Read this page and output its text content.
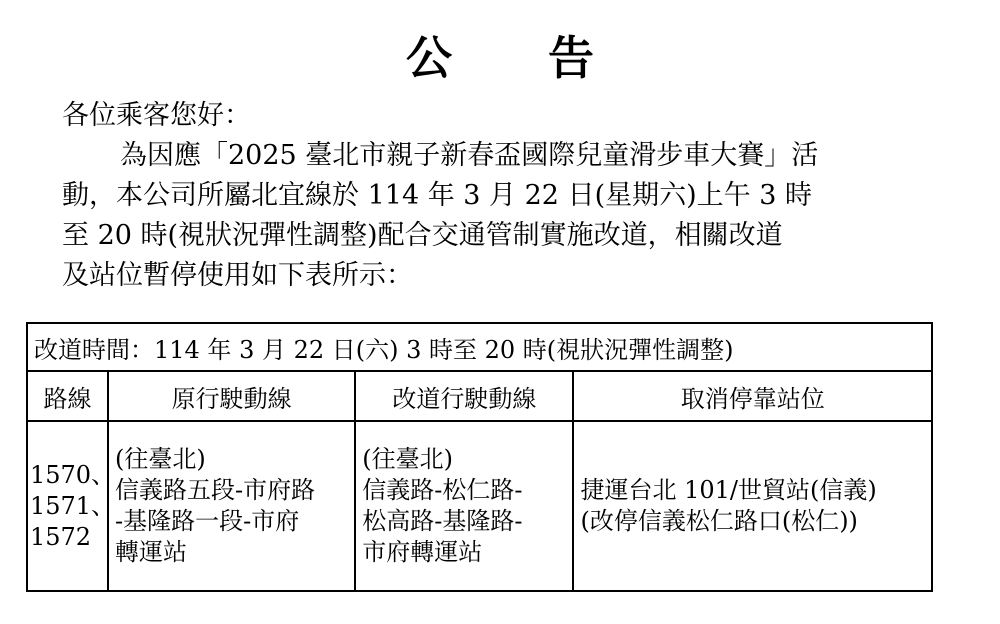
公 告
各位乘客您好：
為因應「2025 臺北市親子新春盃國際兒童滑步車大賽」活
動，本公司所屬北宜線於 114 年 3 月 22 日(星期六)上午 3 時
至 20 時(視狀況彈性調整)配合交通管制實施改道，相關改道
及站位暫停使用如下表所示：
改道時間：114 年 3 月 22 日(六) 3 時至 20 時(視狀況彈性調整)			
路線	原行駛動線	改道行駛動線	取消停靠站位

1570、
1571、
1572	(往臺北)
信義路五段-市府路
-基隆路一段-市府
轉運站	(往臺北)
信義路-松仁路-
松高路-基隆路-
市府轉運站	捷運台北 101/世貿站(信義)
(改停信義松仁路口(松仁))
